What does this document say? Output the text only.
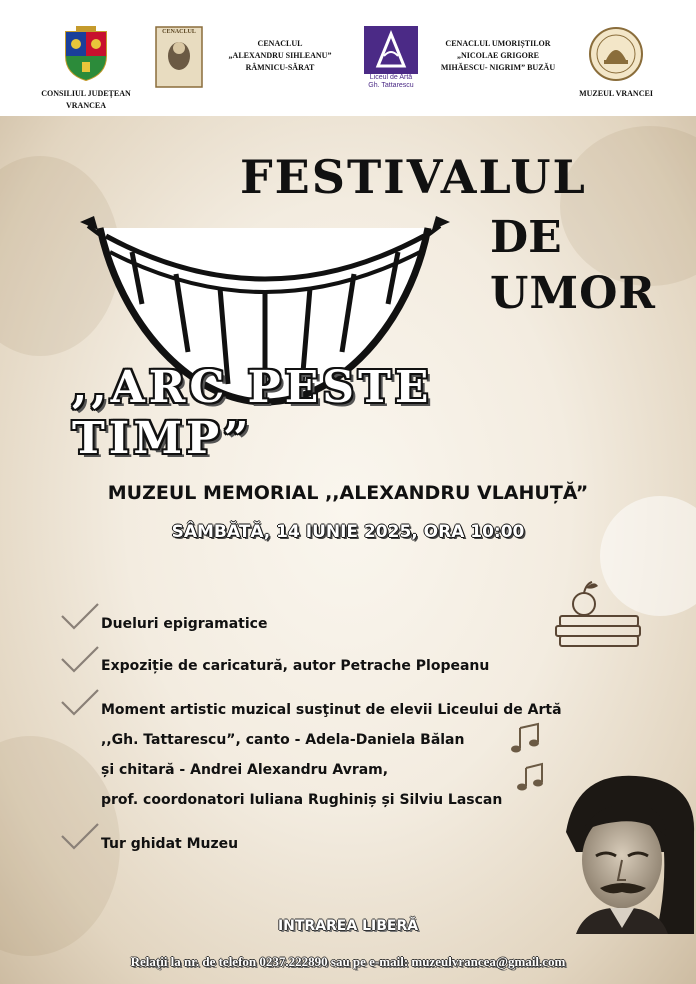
CONSILIUL JUDEȚEAN
VRANCEA
CENACLUL
CENACLUL
„ALEXANDRU SIHLEANU”
RÂMNICU-SĂRAT
Liceul de Artă
Gh. Tattarescu
CENACLUL UMORIȘTILOR
„NICOLAE GRIGORE
MIHĂESCU- NIGRIM” BUZĂU
MUZEUL VRANCEI
FESTIVALUL
DE
UMOR
,,ARC PESTE TIMP”
MUZEUL MEMORIAL ,,ALEXANDRU VLAHUȚĂ”
SÂMBĂTĂ, 14 IUNIE 2025, ORA 10:00
Dueluri epigramatice
Expoziție de caricatură, autor Petrache Plopeanu
Moment artistic muzical susţinut de elevii Liceului de Artă
,,Gh. Tattarescu”, canto - Adela-Daniela Bălan
și chitară - Andrei Alexandru Avram,
prof. coordonatori Iuliana Rughiniș și Silviu Lascan
Tur ghidat Muzeu
INTRAREA LIBERĂ
Relaţii la nr. de telefon 0237.222890 sau pe e-mail: muzeulvrancea@gmail.com
